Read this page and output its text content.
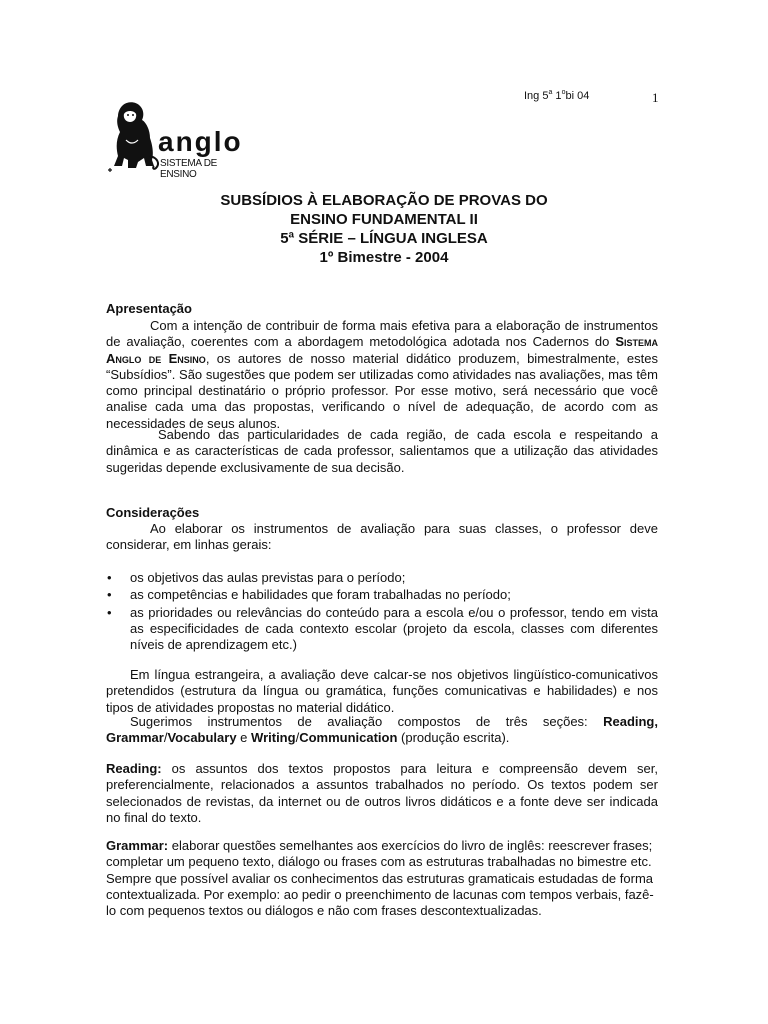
Ing 5$^a$ 1$^o$bi 04	1
anglo
SISTEMA DE ENSINO
SUBSÍDIOS À ELABORAÇÃO DE PROVAS DO
ENSINO FUNDAMENTAL II
5ª SÉRIE – LÍNGUA INGLESA
1º Bimestre - 2004
Apresentação
Com a intenção de contribuir de forma mais efetiva para a elaboração de instrumentos de avaliação, coerentes com a abordagem metodológica adotada nos Cadernos do Sistema Anglo de Ensino, os autores de nosso material didático produzem, bimestralmente, estes “Subsídios”. São sugestões que podem ser utilizadas como atividades nas avaliações, mas têm como principal destinatário o próprio professor. Por esse motivo, será necessário que você analise cada uma das propostas, verificando o nível de adequação, de acordo com as necessidades de seus alunos.
Sabendo das particularidades de cada região, de cada escola e respeitando a dinâmica e as características de cada professor, salientamos que a utilização das atividades sugeridas depende exclusivamente de sua decisão.
Considerações
Ao elaborar os instrumentos de avaliação para suas classes, o professor deve considerar, em linhas gerais:
• os objetivos das aulas previstas para o período;
• as competências e habilidades que foram trabalhadas no período;
• as prioridades ou relevâncias do conteúdo para a escola e/ou o professor, tendo em vista as especificidades de cada contexto escolar (projeto da escola, classes com diferentes níveis de aprendizagem etc.)
Em língua estrangeira, a avaliação deve calcar-se nos objetivos lingüístico-comunicativos pretendidos (estrutura da língua ou gramática, funções comunicativas e habilidades) e nos tipos de atividades propostas no material didático.
Sugerimos instrumentos de avaliação compostos de três seções: Reading, Grammar/Vocabulary e Writing/Communication (produção escrita).
Reading: os assuntos dos textos propostos para leitura e compreensão devem ser, preferencialmente, relacionados a assuntos trabalhados no período. Os textos podem ser selecionados de revistas, da internet ou de outros livros didáticos e a fonte deve ser indicada no final do texto.
Grammar: elaborar questões semelhantes aos exercícios do livro de inglês: reescrever frases; completar um pequeno texto, diálogo ou frases com as estruturas trabalhadas no bimestre etc. Sempre que possível avaliar os conhecimentos das estruturas gramaticais estudadas de forma contextualizada. Por exemplo: ao pedir o preenchimento de lacunas com tempos verbais, fazê-lo com pequenos textos ou diálogos e não com frases descontextualizadas.
